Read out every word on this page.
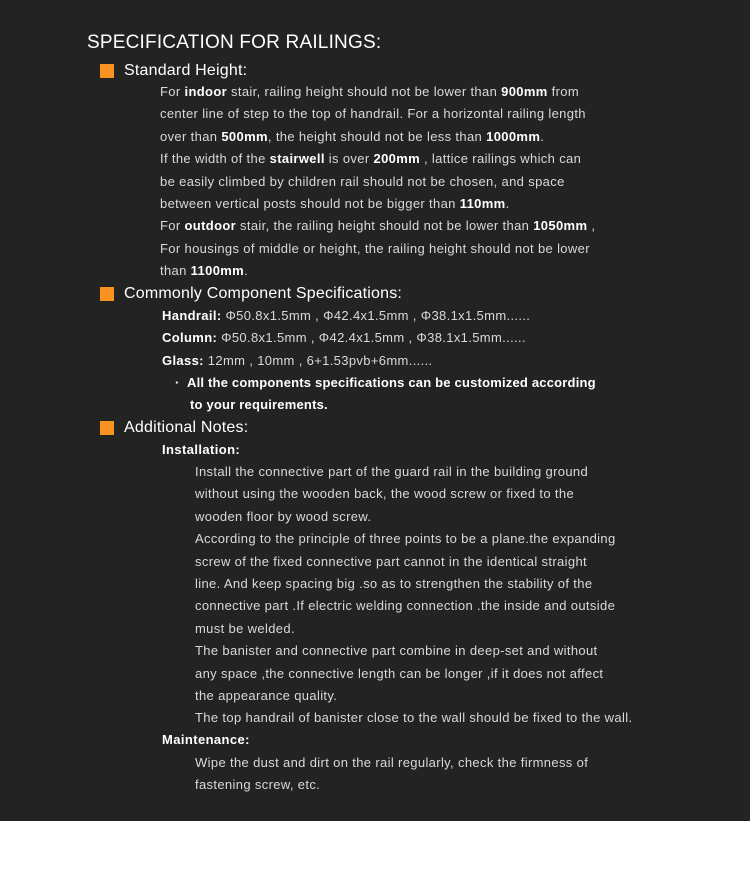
SPECIFICATION FOR RAILINGS:
Standard Height:
For indoor stair, railing height should not be lower than 900mm from
center line of step to the top of handrail. For a horizontal railing length
over than 500mm, the height should not be less than 1000mm.
If the width of the stairwell is over 200mm , lattice railings which can
be easily climbed by children rail should not be chosen, and space
between vertical posts should not be bigger than 110mm.
For outdoor stair, the railing height should not be lower than 1050mm ,
For housings of middle or height, the railing height should not be lower
than 1100mm.
Commonly Component Specifications:
Handrail: Φ50.8x1.5mm , Φ42.4x1.5mm , Φ38.1x1.5mm......
Column: Φ50.8x1.5mm , Φ42.4x1.5mm , Φ38.1x1.5mm......
Glass: 12mm , 10mm , 6+1.53pvb+6mm......
· All the components specifications can be customized according
to your requirements.
Additional Notes:
Installation:
Install the connective part of the guard rail in the building ground
without using the wooden back, the wood screw or fixed to the
wooden floor by wood screw.
According to the principle of three points to be a plane.the expanding
screw of the fixed connective part cannot in the identical straight
line. And keep spacing big .so as to strengthen the stability of the
connective part .If electric welding connection .the inside and outside
must be welded.
The banister and connective part combine in deep-set and without
any space ,the connective length can be longer ,if it does not affect
the appearance quality.
The top handrail of banister close to the wall should be fixed to the wall.
Maintenance:
Wipe the dust and dirt on the rail regularly, check the firmness of
fastening screw, etc.
